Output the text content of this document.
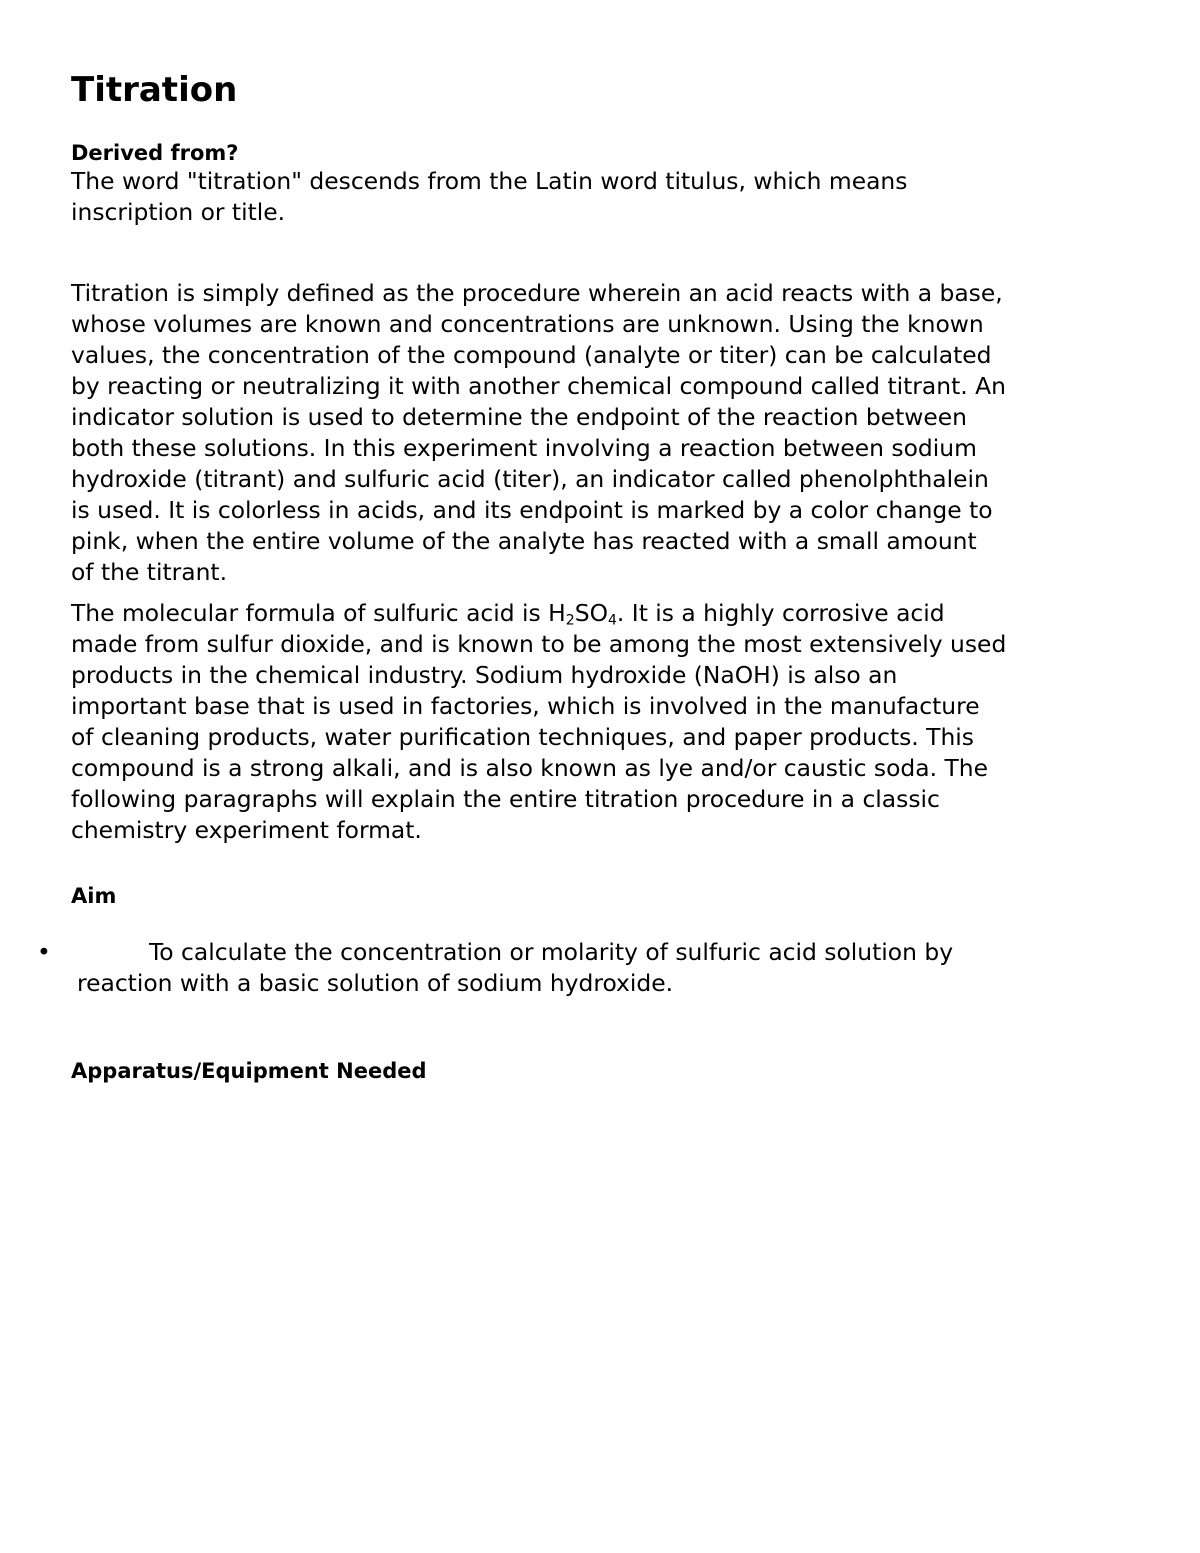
Titration
Derived from?
The word "titration" descends from the Latin word titulus, which means
inscription or title.
Titration is simply defined as the procedure wherein an acid reacts with a base,
whose volumes are known and concentrations are unknown. Using the known
values, the concentration of the compound (analyte or titer) can be calculated
by reacting or neutralizing it with another chemical compound called titrant. An
indicator solution is used to determine the endpoint of the reaction between
both these solutions. In this experiment involving a reaction between sodium
hydroxide (titrant) and sulfuric acid (titer), an indicator called phenolphthalein
is used. It is colorless in acids, and its endpoint is marked by a color change to
pink, when the entire volume of the analyte has reacted with a small amount
of the titrant.
The molecular formula of sulfuric acid is $H_2SO_4$. It is a highly corrosive acid
made from sulfur dioxide, and is known to be among the most extensively used
products in the chemical industry. Sodium hydroxide (NaOH) is also an
important base that is used in factories, which is involved in the manufacture
of cleaning products, water purification techniques, and paper products. This
compound is a strong alkali, and is also known as lye and/or caustic soda. The
following paragraphs will explain the entire titration procedure in a classic
chemistry experiment format.
Aim
•	To calculate the concentration or molarity of sulfuric acid solution by
reaction with a basic solution of sodium hydroxide.
Apparatus/Equipment Needed
